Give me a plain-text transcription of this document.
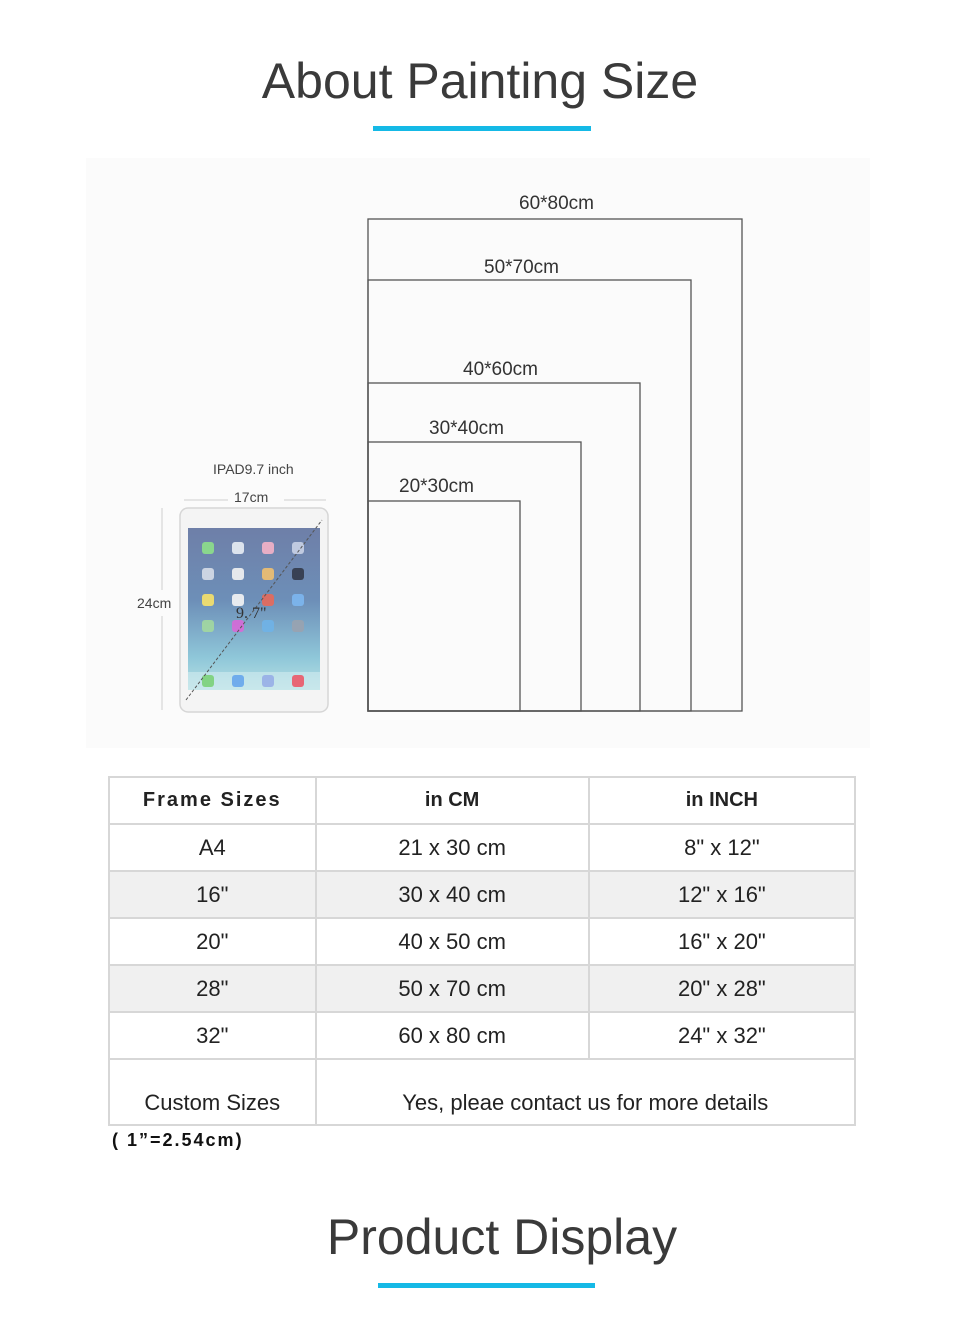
About Painting Size
60*80cm
50*70cm
40*60cm
30*40cm
20*30cm
IPAD9.7 inch
17cm
24cm
9. 7"
Frame Sizes	in CM	in INCH
A4	21 x 30 cm	8" x 12"
16"	30 x 40 cm	12" x 16"
20"	40 x 50 cm	16" x 20"
28"	50 x 70 cm	20" x 28"
32"	60 x 80 cm	24" x 32"
Custom Sizes	Yes, pleae contact us for more details	
( 1”=2.54cm)
Product Display
